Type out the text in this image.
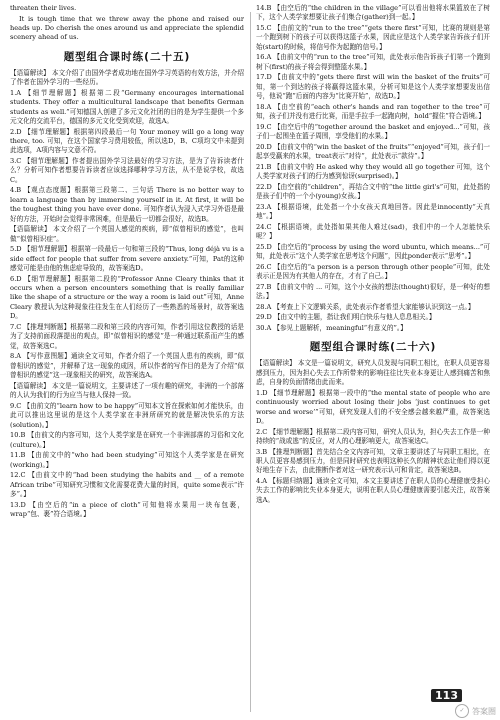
threaten their lives.

It is tough time that we threw away the phone and raised our heads up. Do cherish the ones around us and appreciate the splendid scenery ahead of us.

题型组合课时练(二十五)

【语篇解读】 本文介绍了由国外学者成功地在国外学习英语的有效方法，并介绍了作者在国外学习的一些经历。

1.A 【细节理解题】根据第二段“Germany encourages international students. They offer a multicultural landscape that benefits German students as well.”可知德国人创建了多元文化社团的目的是为学生提供一个多元文化的交流平台，德国的多元文化受到欢迎，故选A。

2.D 【细节理解题】根据第四段最后一句 Your money will go a long way there, too. 可知，在这个国家学习费用较低，所以选D，B、C项均文中未提到此选项，A项内容与文意不符。

3.C 【细节理解题】作者提出国外学习法最好的学习方法，是为了告诉读者什么？分析可知作者想要告诉读者应该选择哪种学习方法，从不是说学校，故选C。

4.B 【观点态度题】根据第三段第二、三句话 There is no better way to learn a language than by immersing yourself in it. At first, it will be the toughest thing you have ever done. 可知作者认为浸入式学习外语是最好的方法，开始时会觉得非常困难，但是最后一切都会很好，故选B。

【语篇解读】 本文介绍了一个英国人感觉的疾病，即“似曾相识的感觉”，也叫做“似曾相识症”。

5.D 【细节理解题】根据第一段最后一句和第三段的“Thus, long déjà vu is a side effect for people that suffer from severe anxiety.”可知，Pat的这种感觉可能是由他的焦虑症导致的，故答案选D。

6.D 【细节理解题】根据第二段的“Professor Anne Cleary thinks that it occurs when a person encounters something that is really familiar like the shape of a structure or the way a room is laid out”可知，Anne Cleary 教授认为这种现象往往发生在人们经历了一些熟悉的场景时，故答案选D。

7.C 【推理判断题】根据第二段和第三段的内容可知，作者引用这位教授的话是为了支持前面段落提出的观点，即“似曾相识的感觉”是一种通过联系而产生的感觉，故答案选C。

8.A 【写作意图题】通读全文可知，作者介绍了一个英国人患有的疾病，即“似曾相识的感觉”，并解释了这一现象的成因，所以作者的写作目的是为了介绍“似曾相识的感觉”这一现象相关的研究，故答案选A。

【语篇解读】 本文是一篇说明文，主要讲述了一项有趣的研究，非洲的一个部落的人认为我们的行为应当与他人保持一致。

9.C 【由前文的“learn how to be happy”可知本文旨在探索如何才能快乐，由此可以推出这里说的是这个人类学家在非洲所研究的就是解决快乐的方法(solution)。】

10.B 【由前文的内容可知，这个人类学家是在研究一个非洲部落的习俗和文化(culture)。】

11.B 【由前文中的“who had been studying”可知这个人类学家是在研究(working)。】

12.C 【由前文中的“had been studying the habits and __ of a remote African tribe”可知研究习惯和文化需要花费大量的时间，quite some表示“许多”。】

13.D 【由空后的“in a piece of cloth”可知他将水果用一块布包裹，wrap“包、裹”符合语境。】

14.B 【由空后的“the children in the village”可以看出他将水果篮放在了树下，这个人类学家想要让孩子们集合(gather)到一起。】

15.C 【由前文的“run to the tree”“gets there first”可知，比赛的规则是第一个跑到树下的孩子可以获得这篮子水果，因此应是这个人类学家告诉孩子们开始(start)的时候，将信号作为起跑的信号。】

16.A 【由前文中的“run to the tree”可知，此处表示他告诉孩子们第一个跑到树下(first)的孩子将会得到整篮水果。】

17.D 【由前文中的“gets there first will win the basket of the fruits”可知，第一个到达的孩子将赢得这篮水果，分析可知是这个人类学家想要发出信号，他说“跑”后面的内容为“比赛开始”，故选D。】

18.A 【由空前的“each other's hands and ran together to the tree”可知，孩子们并没有进行比赛，而是手拉手一起跑向树，hold“握住”符合语境。】

19.C 【由空后中的“together around the basket and enjoyed...”可知，孩子们一起围坐在篮子周围，享受他们的水果。】

20.D 【由前文中的“win the basket of the fruits”“enjoyed”可知，孩子们一起享受赢来的水果，treat表示“对待”，此处表示“款待”。】

21.B 【由前文中的 He asked why they would all go together 可知，这个人类学家对孩子们的行为感到惊讶(surprised)。】

22.D 【由空前的“children”，再结合文中的“the little girl's”可知，此处指的是孩子们中的一个小(young)女孩。】

23.A 【根据语境，此处指一个小女孩天真地回答。因此是innocently“天真地”。】

24.C 【根据语境，此处指如果其他人难过(sad)，我们中的一个人怎能快乐呢？】

25.D 【由空后的“process by using the word ubuntu, which means...”可知，此处表示“这个人类学家在思考这个问题”，因此ponder表示“思考”。】

26.C 【由空后的“a person is a person through other people”可知，此处表示正是因为有其他人的存在，才有了自己。】

27.B 【由前文中的 ... 可知，这个小女孩的想法(thought)很好，是一种好的想法。】

28.A 【考查上下文逻辑关系，此处表示作者希望大家能够认识到这一点。】

29.D 【由文中的主题，指让我们明白快乐与他人息息相关。】

30.A 【参见上题解析，meaningful“有意义的”。】

题型组合课时练(二十六)

【语篇解读】 本文是一篇说明文，研究人员发现与同职工相比，在职人员更容易感到压力，因为担心失去工作所带来的影响往往比失业本身更让人感到痛苦和焦虑，自身的负面情绪由此而来。

1.D 【细节理解题】根据第一段中的“the mental state of people who are continuously worried about losing their jobs ‘just continues to get worse and worse’”可知，研究发现人们的不安全感会越来越严重，故答案选D。

2.C 【细节理解题】根据第二段内容可知，研究人员认为，担心失去工作是一种持续的“战或逃”的反应，对人的心理影响更大，故答案选C。

3.B 【推理判断题】首先结合全文内容可知，文章主要讲述了与同职工相比，在职人员更容易感到压力，但是同时研究也表明这种长久的精神状态让他们得以更好地生存下去，由此推断作者对这一研究表示认可和肯定，故答案选B。

4.A 【标题归纳题】通读全文可知，本文主要讲述了在职人员的心理健康受担心失去工作的影响比失业本身更大，说明在职人员心理健康需要引起关注，故答案选A。

113
✓ 答案圈
